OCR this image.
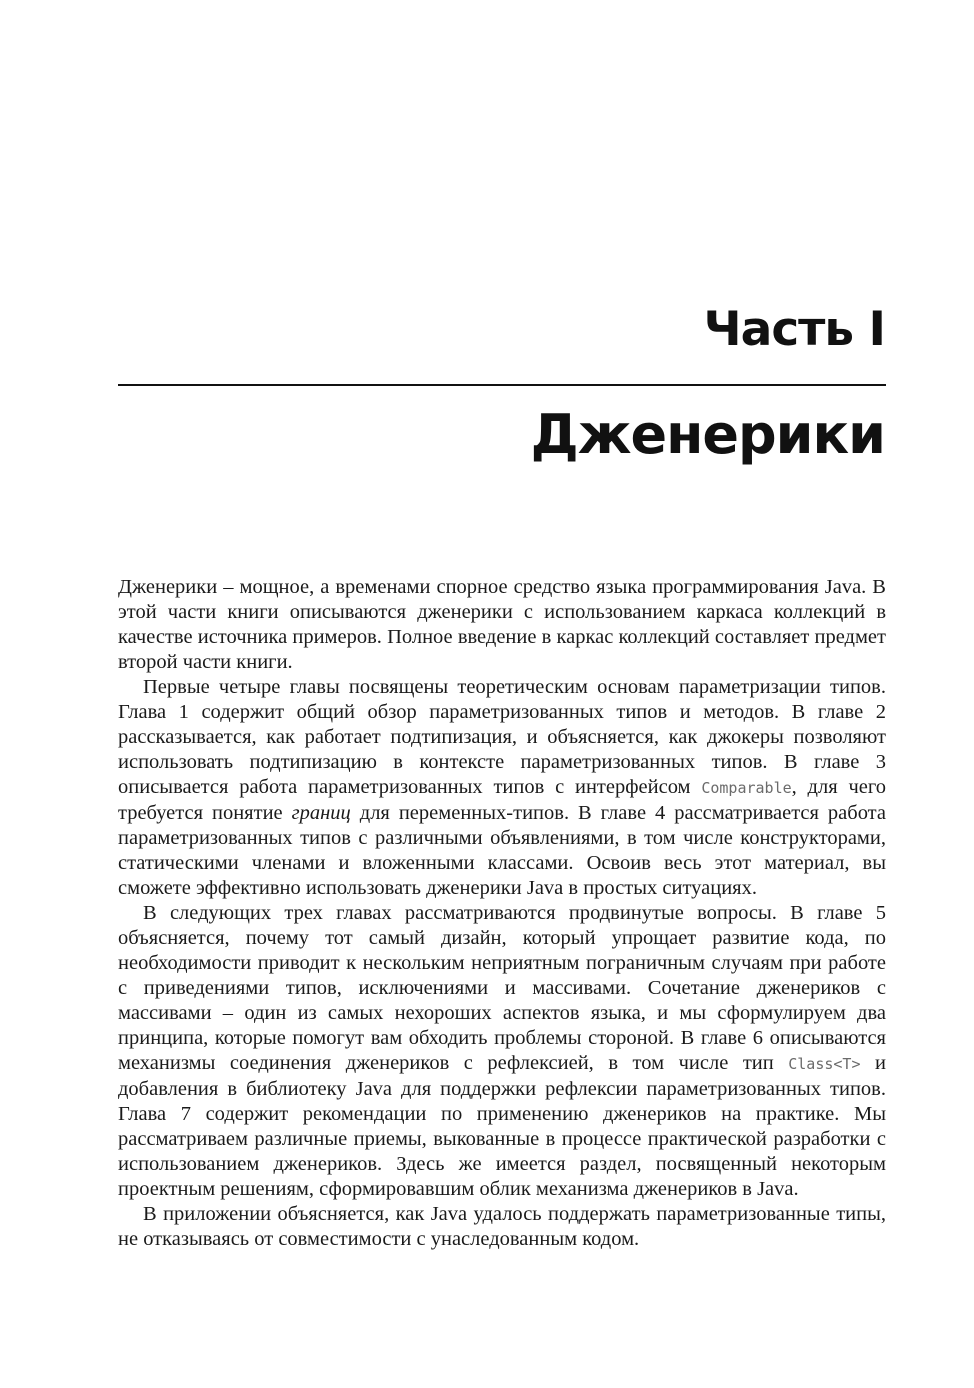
Часть I
Дженерики

Дженерики – мощное, а временами спорное средство языка программирования Java. В этой части книги описываются дженерики с использованием каркаса коллекций в качестве источника примеров. Полное введение в каркас коллекций составляет предмет второй части книги.

Первые четыре главы посвящены теоретическим основам параметризации типов. Глава 1 содержит общий обзор параметризованных типов и методов. В главе 2 рассказывается, как работает подтипизация, и объясняется, как джокеры позволяют использовать подтипизацию в контексте параметризованных типов. В главе 3 описывается работа параметризованных типов с интерфейсом Comparable, для чего требуется понятие границ для переменных-типов. В главе 4 рассматривается работа параметризованных типов с различными объявлениями, в том числе конструкторами, статическими членами и вложенными классами. Освоив весь этот материал, вы сможете эффективно использовать дженерики Java в простых ситуациях.

В следующих трех главах рассматриваются продвинутые вопросы. В главе 5 объясняется, почему тот самый дизайн, который упрощает развитие кода, по необходимости приводит к нескольким неприятным пограничным случаям при работе с приведениями типов, исключениями и массивами. Сочетание дженериков с массивами – один из самых нехороших аспектов языка, и мы сформулируем два принципа, которые помогут вам обходить проблемы стороной. В главе 6 описываются механизмы соединения дженериков с рефлексией, в том числе тип Class<T> и добавления в библиотеку Java для поддержки рефлексии параметризованных типов. Глава 7 содержит рекомендации по применению дженериков на практике. Мы рассматриваем различные приемы, выкованные в процессе практической разработки с использованием дженериков. Здесь же имеется раздел, посвященный некоторым проектным решениям, сформировавшим облик механизма дженериков в Java.

В приложении объясняется, как Java удалось поддержать параметризованные типы, не отказываясь от совместимости с унаследованным кодом.
